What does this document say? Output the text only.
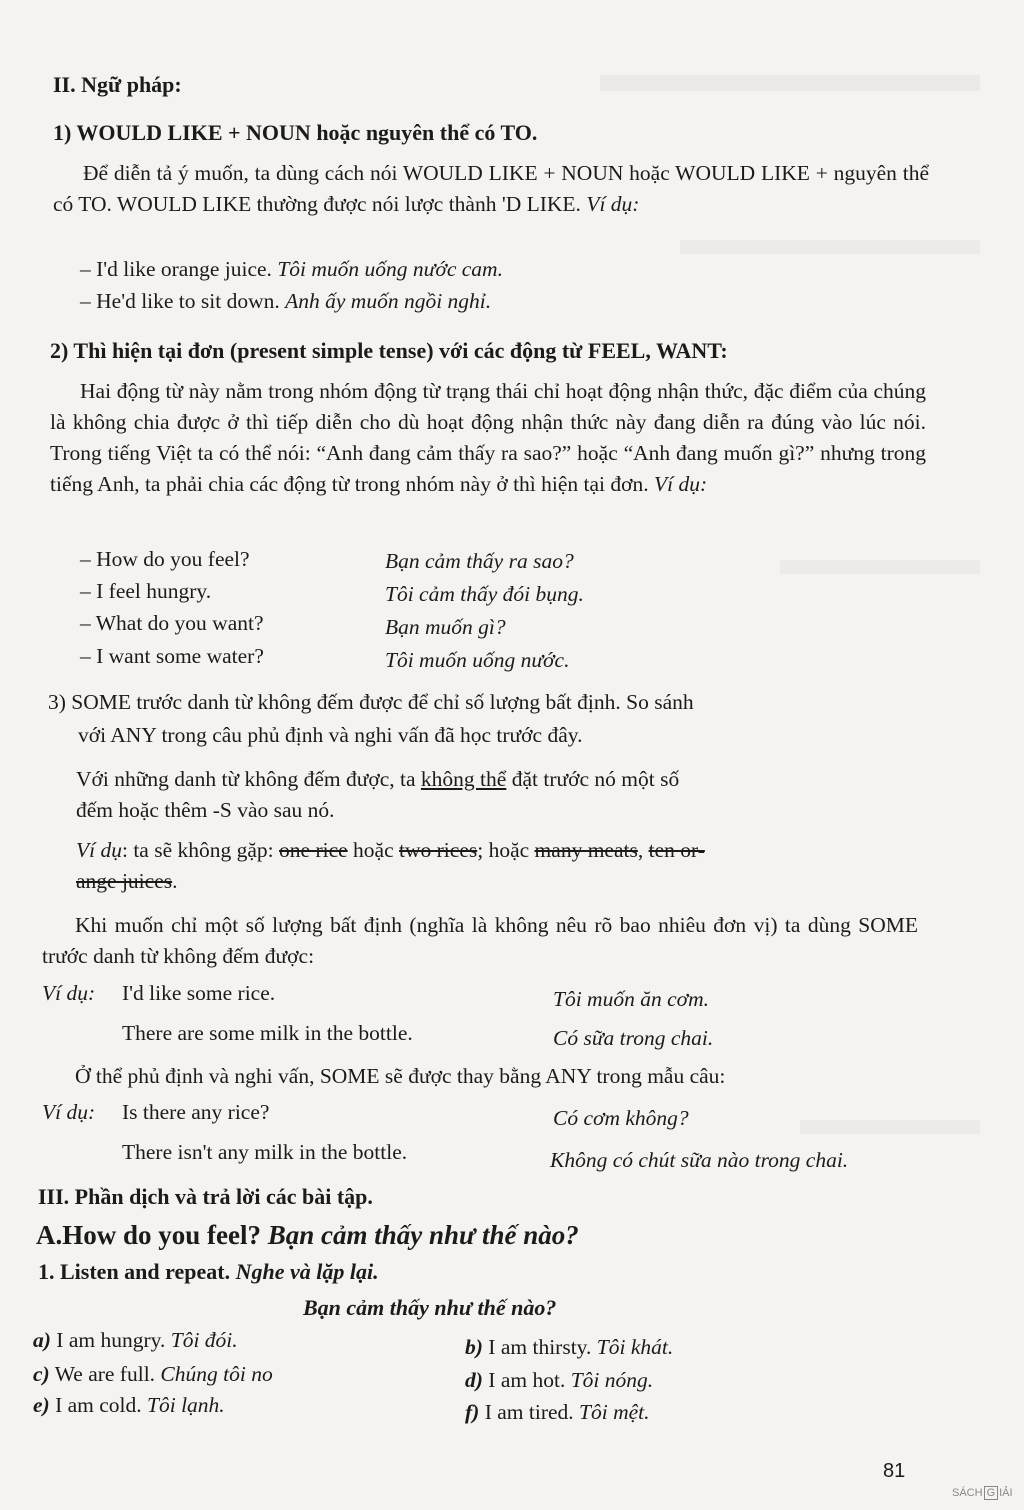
II. Ngữ pháp:
1) WOULD LIKE + NOUN hoặc nguyên thể có TO.
Để diễn tả ý muốn, ta dùng cách nói WOULD LIKE + NOUN hoặc WOULD LIKE + nguyên thể có TO. WOULD LIKE thường được nói lược thành 'D LIKE. Ví dụ:
– I'd like orange juice. Tôi muốn uống nước cam.
– He'd like to sit down. Anh ấy muốn ngồi nghỉ.
2) Thì hiện tại đơn (present simple tense) với các động từ FEEL, WANT:
Hai động từ này nằm trong nhóm động từ trạng thái chỉ hoạt động nhận thức, đặc điểm của chúng là không chia được ở thì tiếp diễn cho dù hoạt động nhận thức này đang diễn ra đúng vào lúc nói. Trong tiếng Việt ta có thể nói: “Anh đang cảm thấy ra sao?” hoặc “Anh đang muốn gì?” nhưng trong tiếng Anh, ta phải chia các động từ trong nhóm này ở thì hiện tại đơn. Ví dụ:
– How do you feel?	Bạn cảm thấy ra sao?
– I feel hungry.	Tôi cảm thấy đói bụng.
– What do you want?	Bạn muốn gì?
– I want some water?	Tôi muốn uống nước.
3) SOME trước danh từ không đếm được để chỉ số lượng bất định. So sánh
với ANY trong câu phủ định và nghi vấn đã học trước đây.
Với những danh từ không đếm được, ta không thể đặt trước nó một số
đếm hoặc thêm -S vào sau nó.
Ví dụ: ta sẽ không gặp: one rice hoặc two rices; hoặc many meats, ten or-
ange juices.
Khi muốn chỉ một số lượng bất định (nghĩa là không nêu rõ bao nhiêu đơn vị) ta dùng SOME trước danh từ không đếm được:
Ví dụ: I'd like some rice.	Tôi muốn ăn cơm.
There are some milk in the bottle.	Có sữa trong chai.
Ở thể phủ định và nghi vấn, SOME sẽ được thay bằng ANY trong mẫu câu:
Ví dụ: Is there any rice?	Có cơm không?
There isn't any milk in the bottle.	Không có chút sữa nào trong chai.
III. Phần dịch và trả lời các bài tập.
A.How do you feel? Bạn cảm thấy như thế nào?
1. Listen and repeat. Nghe và lặp lại.
Bạn cảm thấy như thế nào?
a) I am hungry. Tôi đói.	b) I am thirsty. Tôi khát.
c) We are full. Chúng tôi no	d) I am hot. Tôi nóng.
e) I am cold. Tôi lạnh.	f) I am tired. Tôi mệt.
81
SÁCH G IẢI
